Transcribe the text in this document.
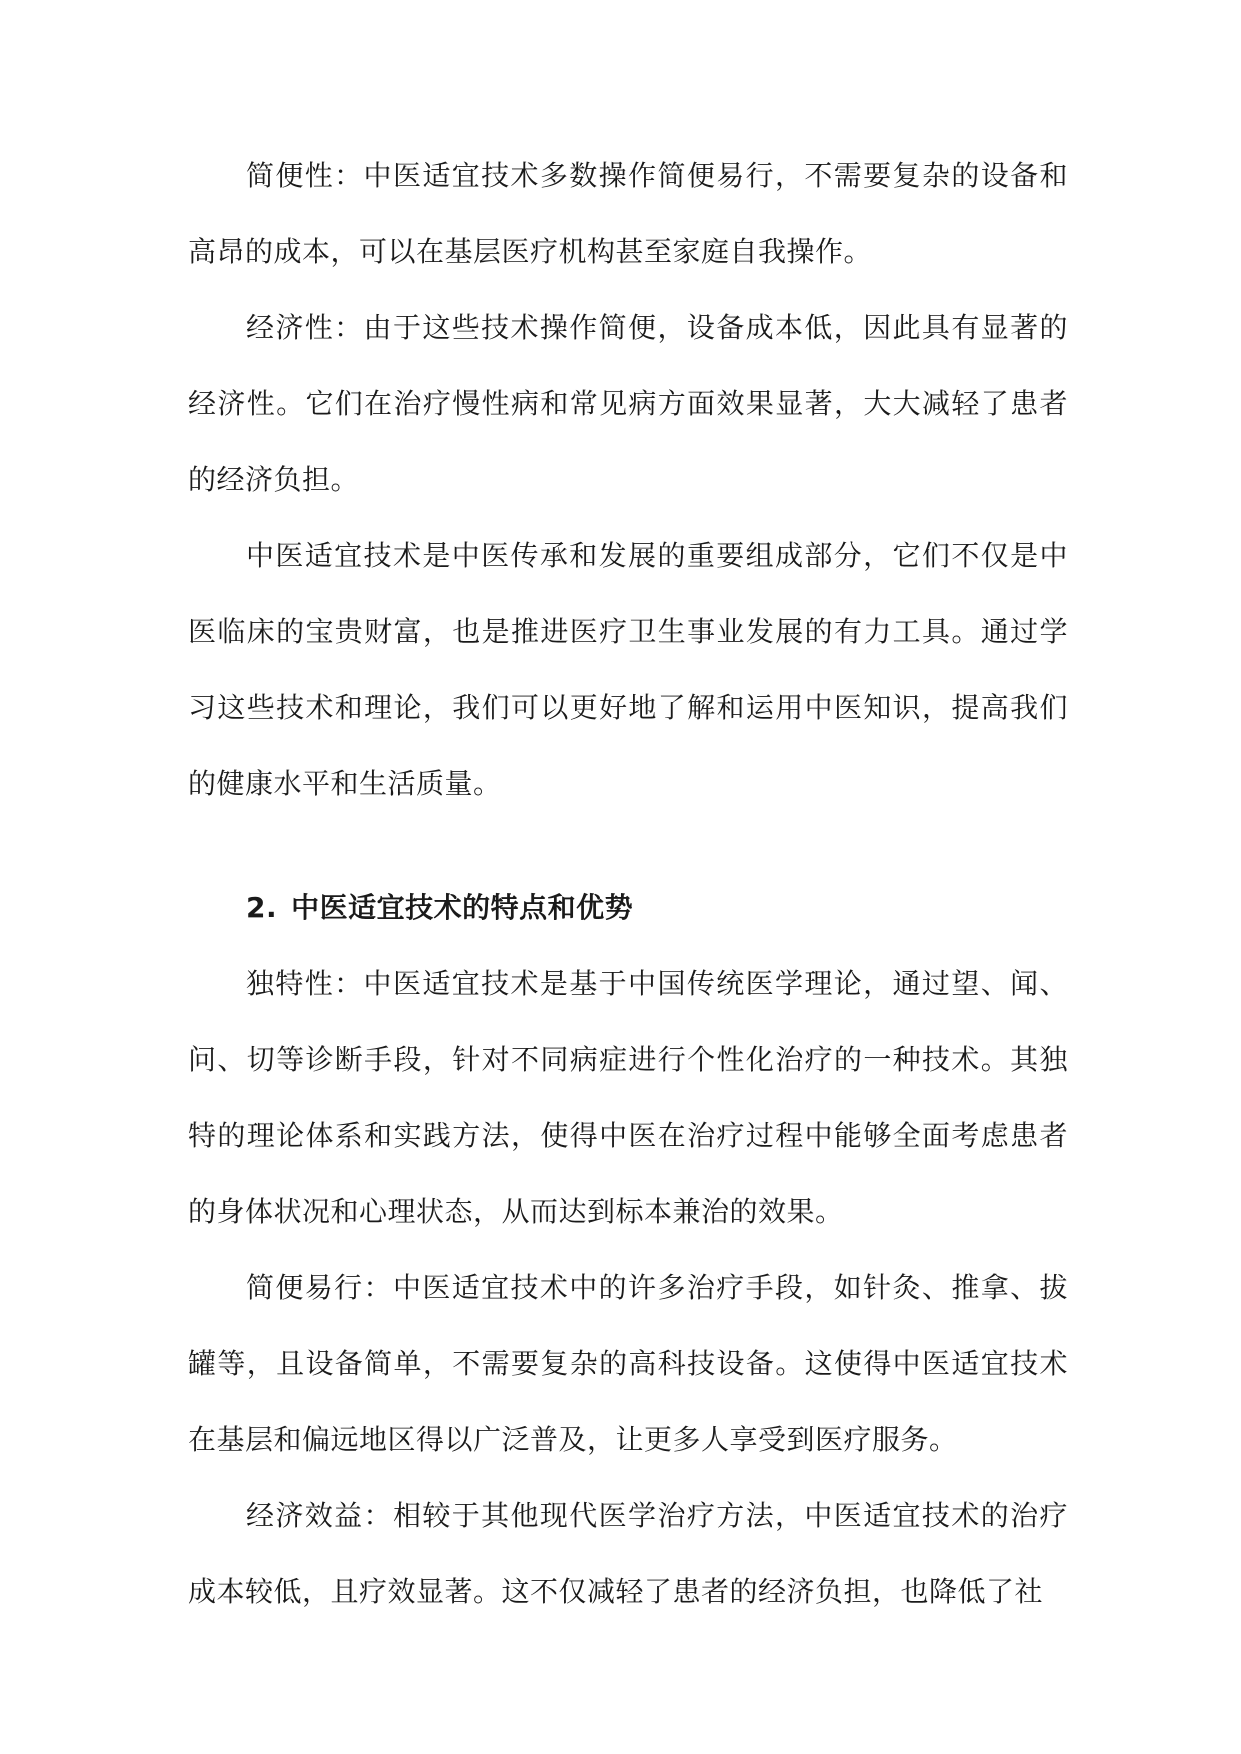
简便性：中医适宜技术多数操作简便易行，不需要复杂的设备和高昂的成本，可以在基层医疗机构甚至家庭自我操作。

经济性：由于这些技术操作简便，设备成本低，因此具有显著的经济性。它们在治疗慢性病和常见病方面效果显著，大大减轻了患者的经济负担。

中医适宜技术是中医传承和发展的重要组成部分，它们不仅是中医临床的宝贵财富，也是推进医疗卫生事业发展的有力工具。通过学习这些技术和理论，我们可以更好地了解和运用中医知识，提高我们的健康水平和生活质量。

2. 中医适宜技术的特点和优势

独特性：中医适宜技术是基于中国传统医学理论，通过望、闻、问、切等诊断手段，针对不同病症进行个性化治疗的一种技术。其独特的理论体系和实践方法，使得中医在治疗过程中能够全面考虑患者的身体状况和心理状态，从而达到标本兼治的效果。

简便易行：中医适宜技术中的许多治疗手段，如针灸、推拿、拔罐等，且设备简单，不需要复杂的高科技设备。这使得中医适宜技术在基层和偏远地区得以广泛普及，让更多人享受到医疗服务。

经济效益：相较于其他现代医学治疗方法，中医适宜技术的治疗成本较低，且疗效显著。这不仅减轻了患者的经济负担，也降低了社
